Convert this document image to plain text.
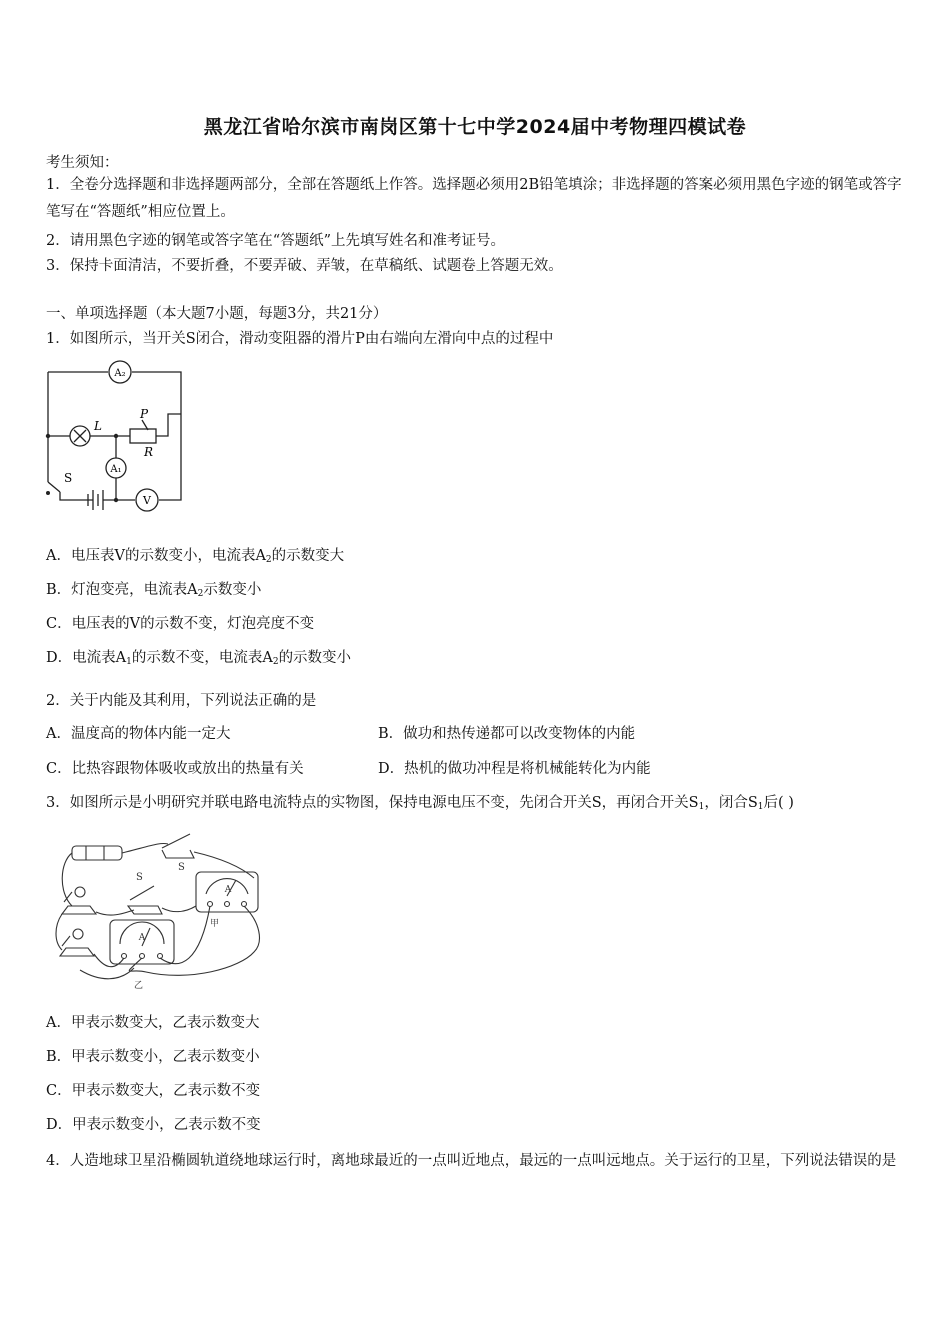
黑龙江省哈尔滨市南岗区第十七中学2024届中考物理四模试卷
考生须知：
1．全卷分选择题和非选择题两部分，全部在答题纸上作答。选择题必须用2B铅笔填涂；非选择题的答案必须用黑色字迹的钢笔或答字笔写在“答题纸”相应位置上。
2．请用黑色字迹的钢笔或答字笔在“答题纸”上先填写姓名和准考证号。
3．保持卡面清洁，不要折叠，不要弄破、弄皱，在草稿纸、试题卷上答题无效。
一、单项选择题（本大题7小题，每题3分，共21分）
1．如图所示，当开关S闭合，滑动变阻器的滑片P由右端向左滑向中点的过程中
A₂
A₁
V
L
P
R
S
A．电压表V的示数变小，电流表$A_2$的示数变大
B．灯泡变亮，电流表$A_2$示数变小
C．电压表的V的示数不变，灯泡亮度不变
D．电流表$A_1$的示数不变，电流表$A_2$的示数变小
2．关于内能及其利用，下列说法正确的是
A．温度高的物体内能一定大	B．做功和热传递都可以改变物体的内能
C．比热容跟物体吸收或放出的热量有关	D．热机的做功冲程是将机械能转化为内能
3．如图所示是小明研究并联电路电流特点的实物图，保持电源电压不变，先闭合开关S，再闭合开关$S_1$，闭合$S_1$后( )
S
S
A
A
甲
乙
A．甲表示数变大，乙表示数变大
B．甲表示数变小，乙表示数变小
C．甲表示数变大，乙表示数不变
D．甲表示数变小，乙表示数不变
4．人造地球卫星沿椭圆轨道绕地球运行时，离地球最近的一点叫近地点，最远的一点叫远地点。关于运行的卫星，下列说法错误的是
